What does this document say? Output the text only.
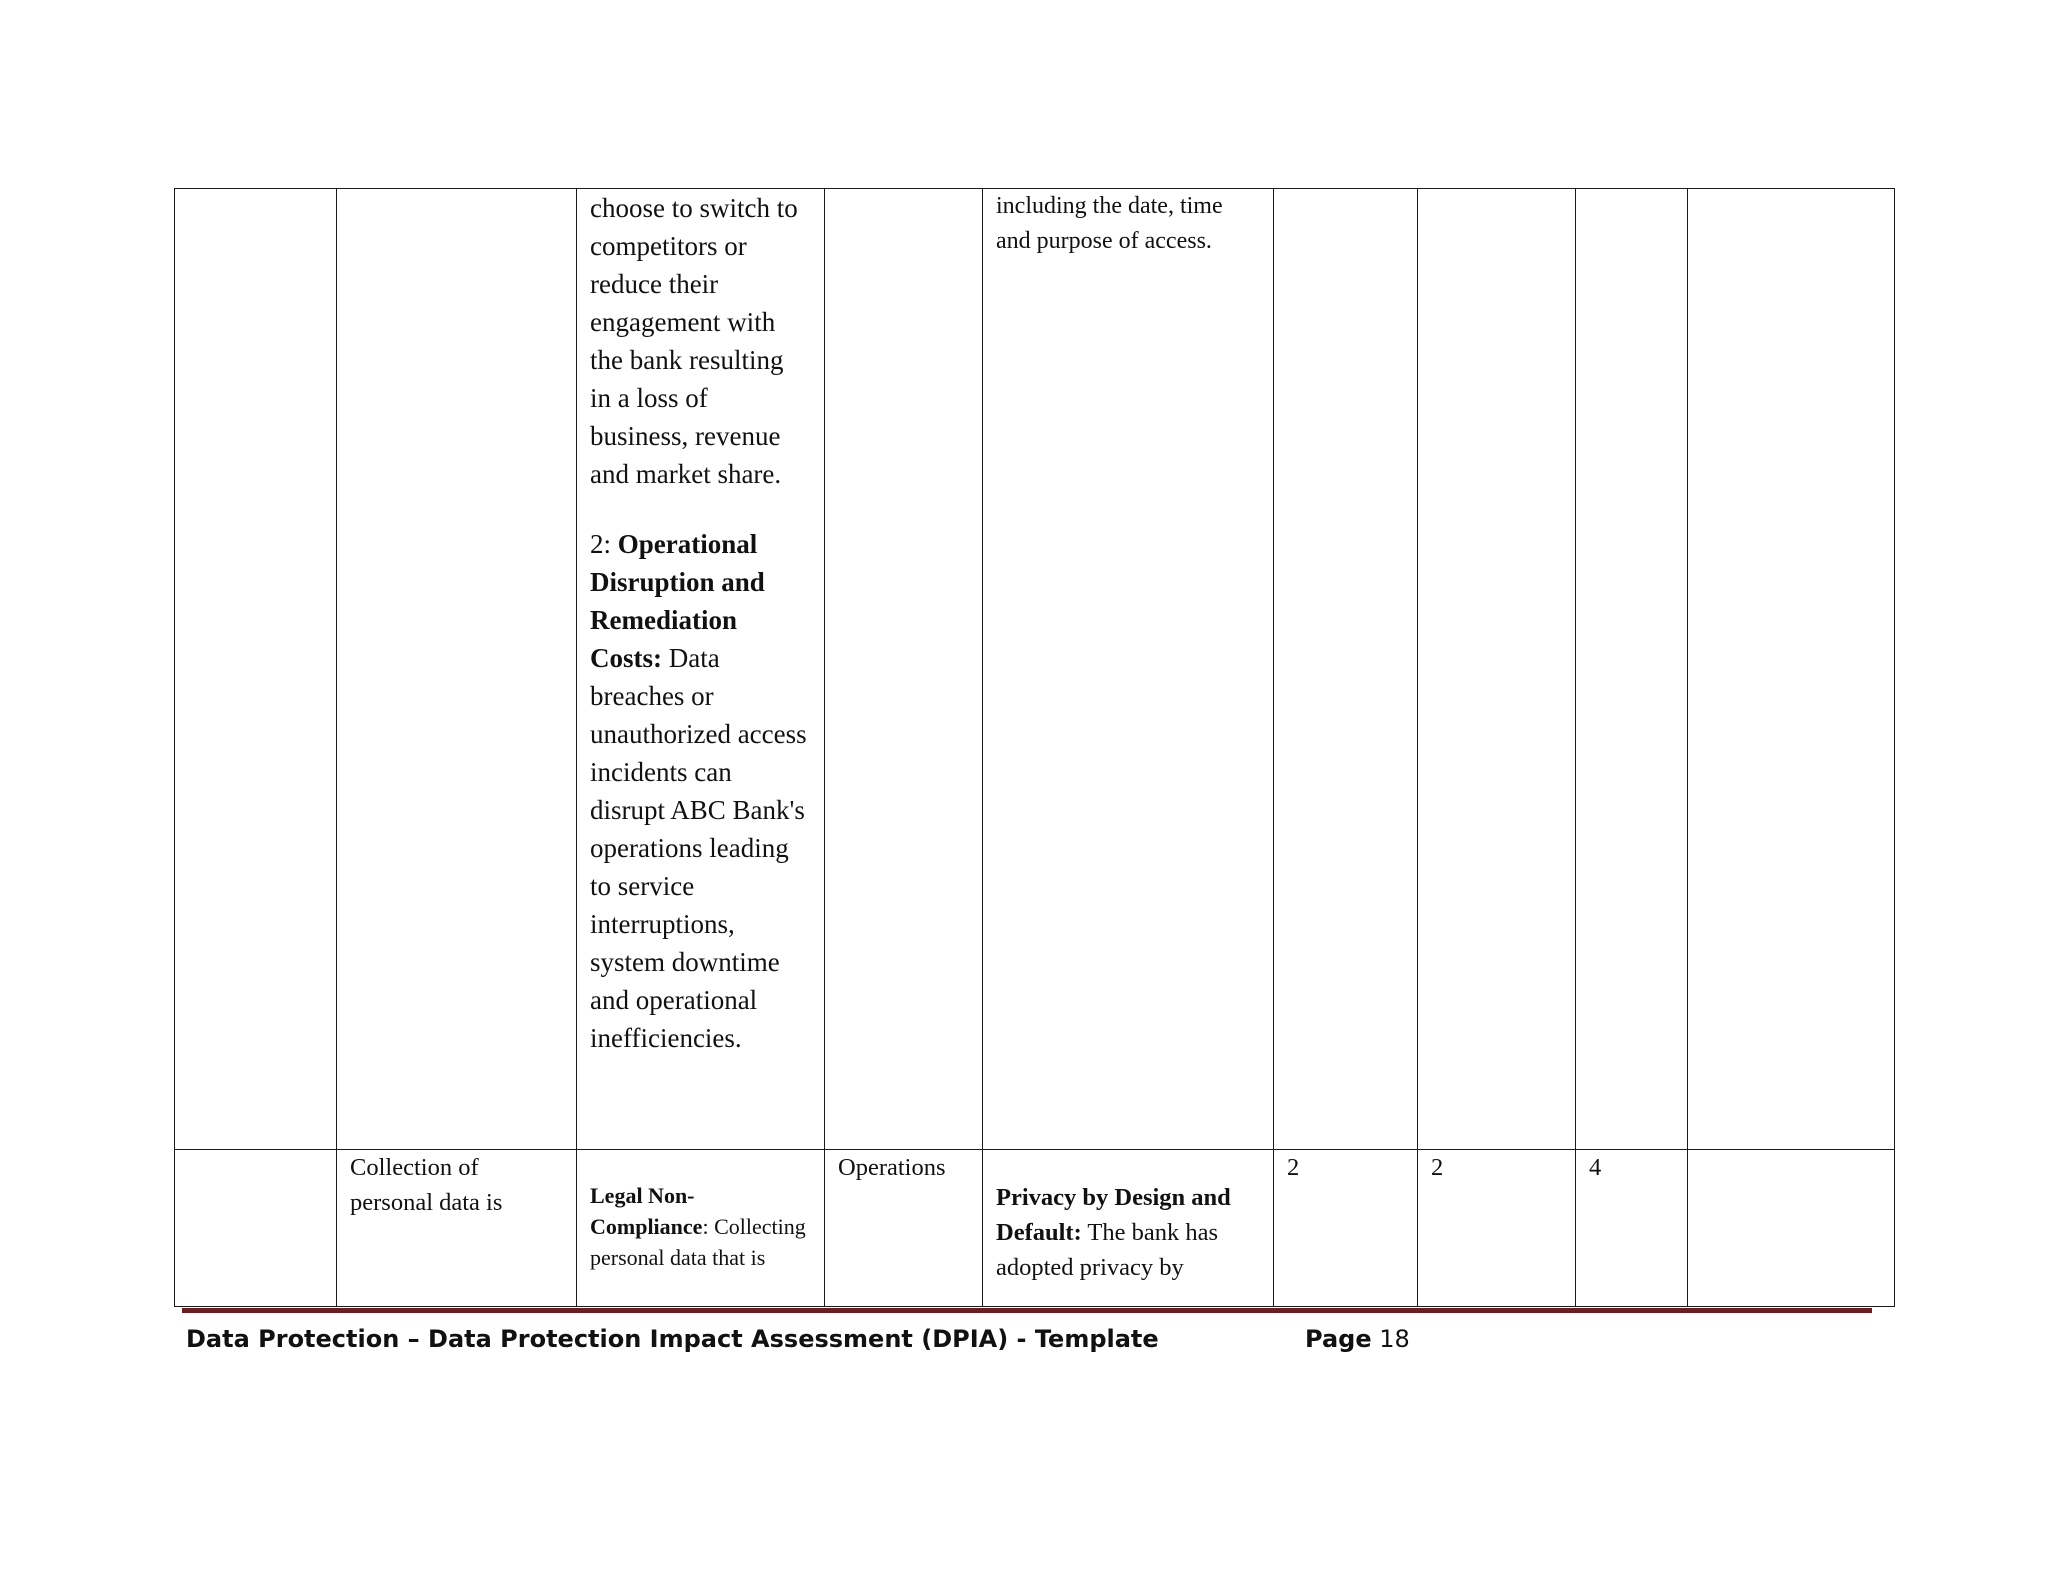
		choose to switch to competitors or reduce their engagement with the bank resulting in a loss of business, revenue and market share.

2: Operational Disruption and Remediation Costs: Data breaches or unauthorized access incidents can disrupt ABC Bank's operations leading to service interruptions, system downtime and operational inefficiencies.		including the date, time and purpose of access.				

	Collection of personal data is	Legal Non-Compliance: Collecting personal data that is	Operations	Privacy by Design and Default: The bank has adopted privacy by	2	2	4	

Data Protection – Data Protection Impact Assessment (DPIA) - Template	Page 18
